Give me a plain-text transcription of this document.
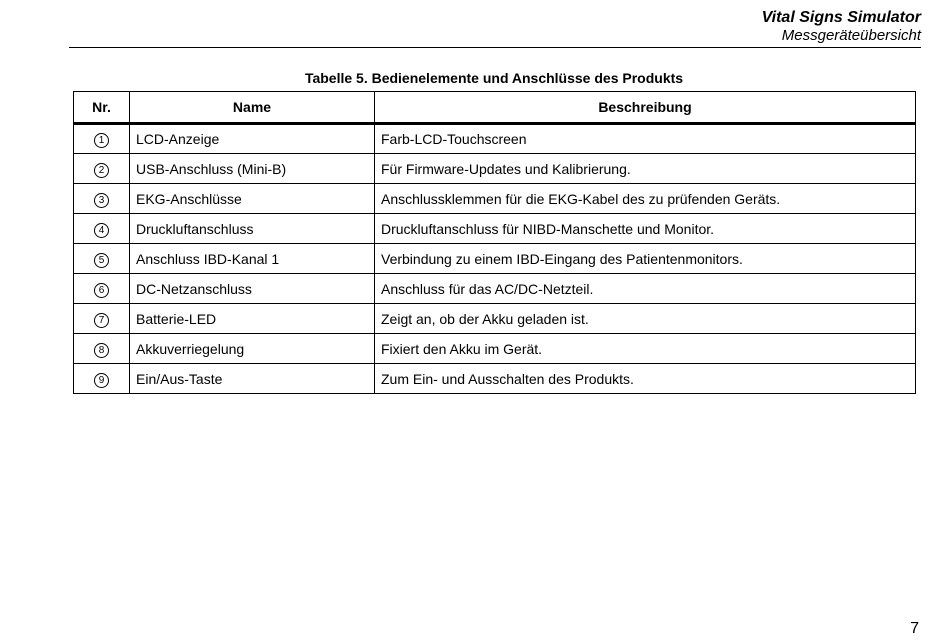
Vital Signs Simulator
Messgeräteübersicht
Tabelle 5. Bedienelemente und Anschlüsse des Produkts
Nr.	Name	Beschreibung
1	LCD-Anzeige	Farb-LCD-Touchscreen
2	USB-Anschluss (Mini-B)	Für Firmware-Updates und Kalibrierung.
3	EKG-Anschlüsse	Anschlussklemmen für die EKG-Kabel des zu prüfenden Geräts.
4	Druckluftanschluss	Druckluftanschluss für NIBD-Manschette und Monitor.
5	Anschluss IBD-Kanal 1	Verbindung zu einem IBD-Eingang des Patientenmonitors.
6	DC-Netzanschluss	Anschluss für das AC/DC-Netzteil.
7	Batterie-LED	Zeigt an, ob der Akku geladen ist.
8	Akkuverriegelung	Fixiert den Akku im Gerät.
9	Ein/Aus-Taste	Zum Ein- und Ausschalten des Produkts.
7
